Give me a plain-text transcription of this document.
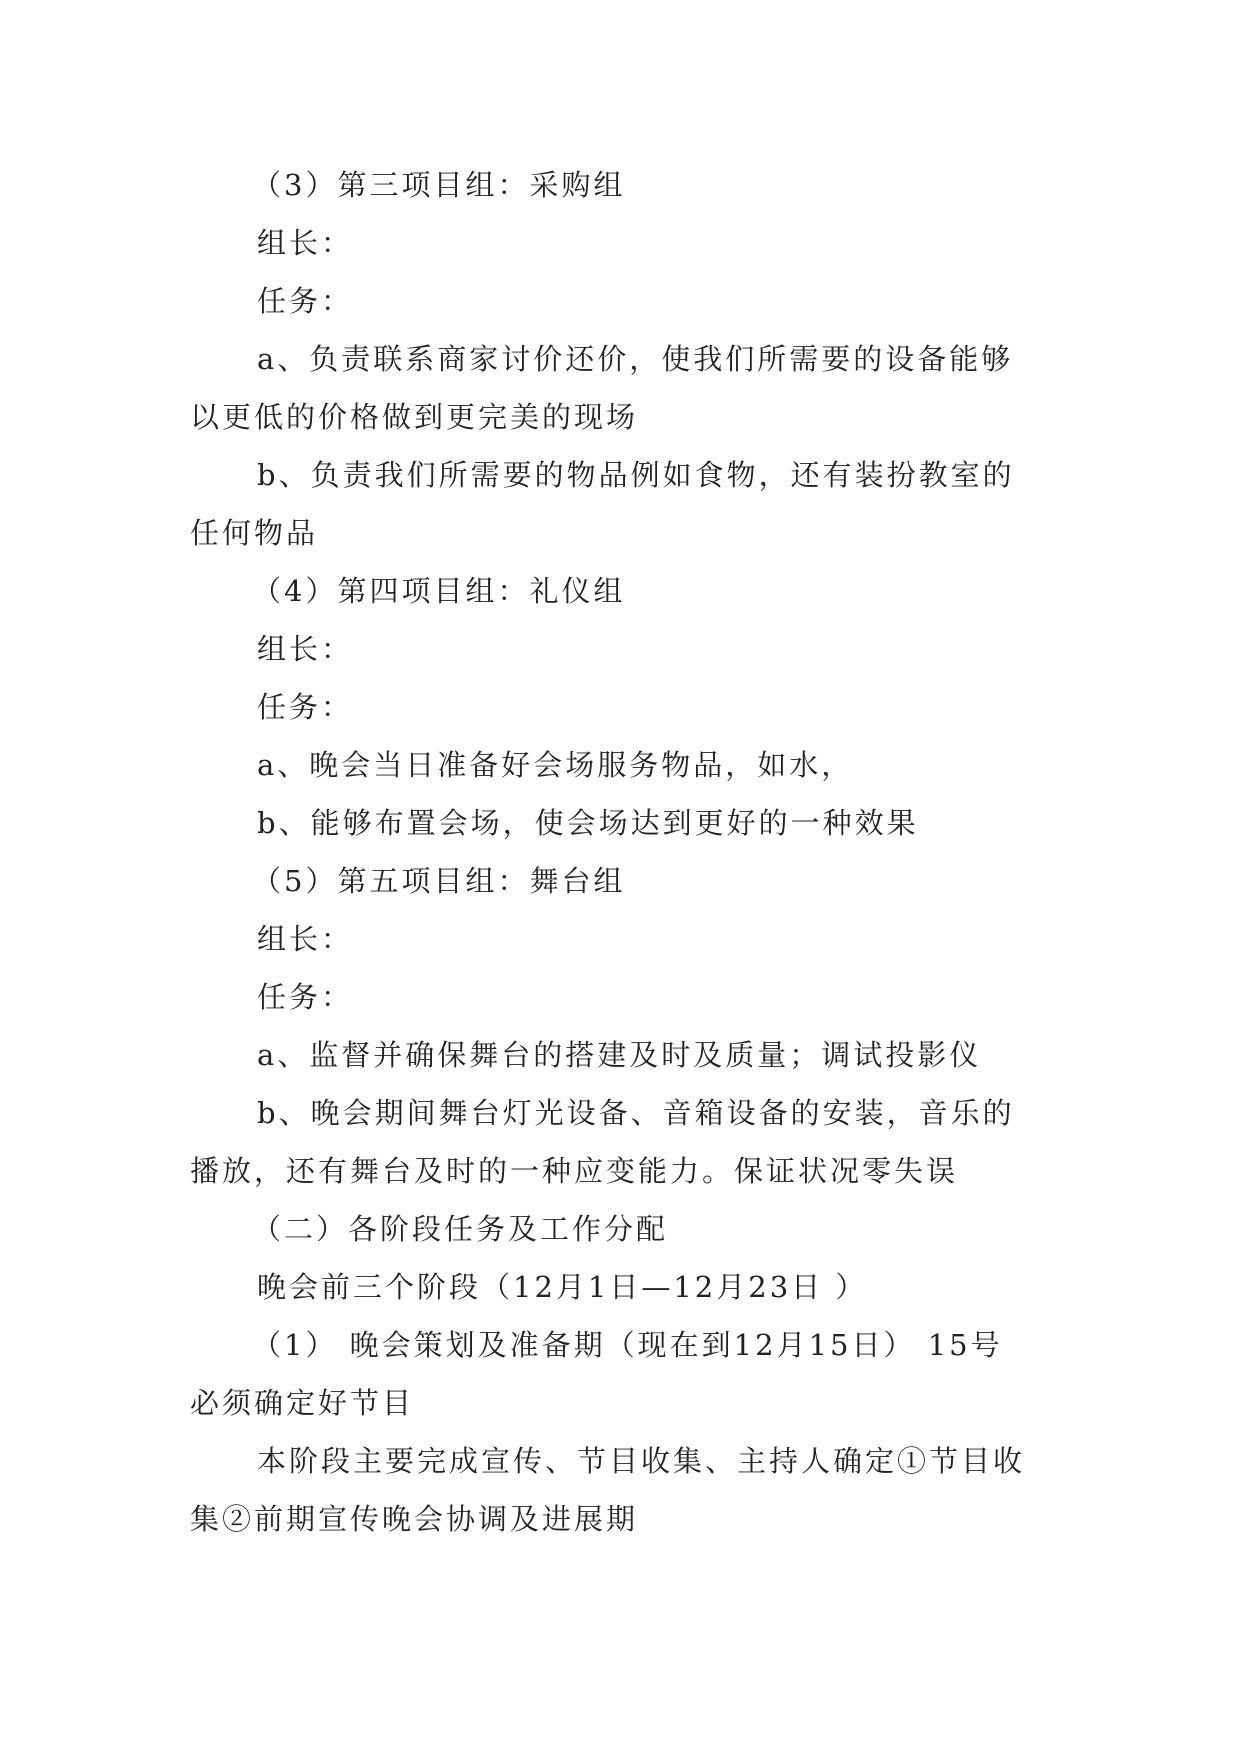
（3）第三项目组：采购组
组长：
任务：
a、负责联系商家讨价还价，使我们所需要的设备能够
以更低的价格做到更完美的现场
b、负责我们所需要的物品例如食物，还有装扮教室的
任何物品
（4）第四项目组：礼仪组
组长：
任务：
a、晚会当日准备好会场服务物品，如水，
b、能够布置会场，使会场达到更好的一种效果
（5）第五项目组：舞台组
组长：
任务：
a、监督并确保舞台的搭建及时及质量；调试投影仪
b、晚会期间舞台灯光设备、音箱设备的安装，音乐的
播放，还有舞台及时的一种应变能力。保证状况零失误
（二）各阶段任务及工作分配
晚会前三个阶段（12月1日—12月23日 ）
（1） 晚会策划及准备期（现在到12月15日） 15号
必须确定好节目
本阶段主要完成宣传、节目收集、主持人确定①节目收
集②前期宣传晚会协调及进展期
